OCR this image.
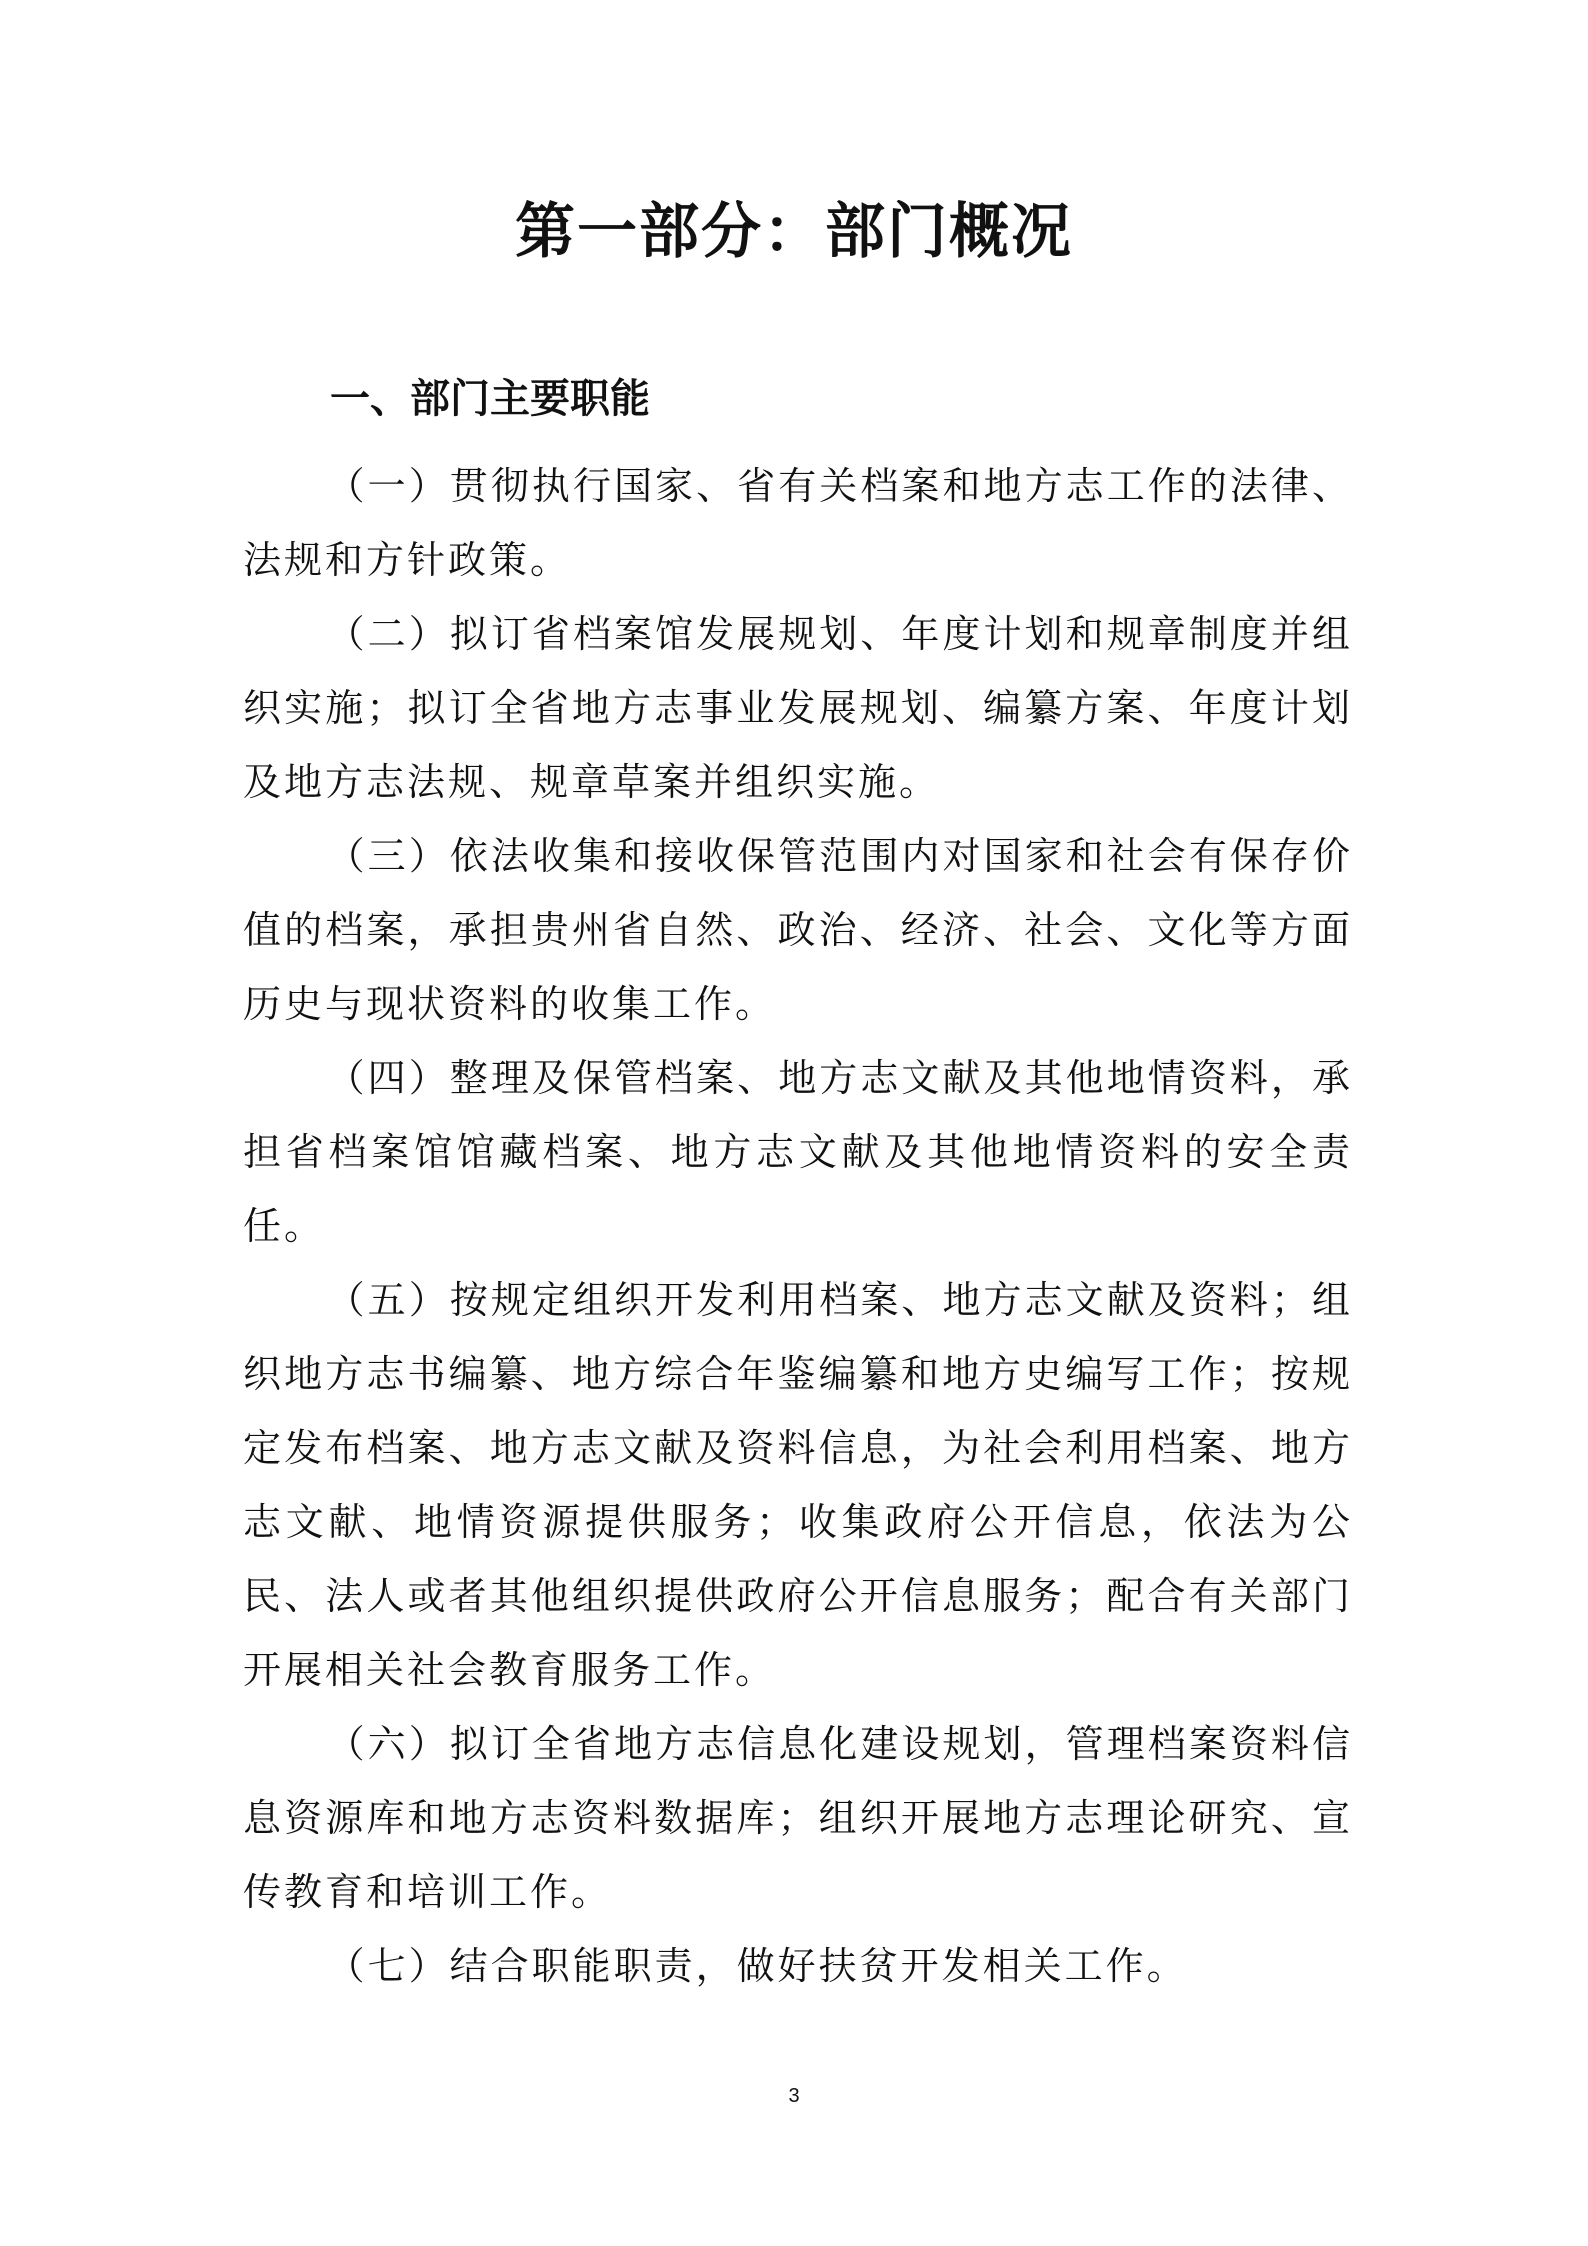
第一部分：部门概况
一、部门主要职能

（一）贯彻执行国家、省有关档案和地方志工作的法律、法规和方针政策。

（二）拟订省档案馆发展规划、年度计划和规章制度并组织实施；拟订全省地方志事业发展规划、编纂方案、年度计划及地方志法规、规章草案并组织实施。

（三）依法收集和接收保管范围内对国家和社会有保存价值的档案，承担贵州省自然、政治、经济、社会、文化等方面历史与现状资料的收集工作。

（四）整理及保管档案、地方志文献及其他地情资料，承担省档案馆馆藏档案、地方志文献及其他地情资料的安全责任。

（五）按规定组织开发利用档案、地方志文献及资料；组织地方志书编纂、地方综合年鉴编纂和地方史编写工作；按规定发布档案、地方志文献及资料信息，为社会利用档案、地方志文献、地情资源提供服务；收集政府公开信息，依法为公民、法人或者其他组织提供政府公开信息服务；配合有关部门开展相关社会教育服务工作。

（六）拟订全省地方志信息化建设规划，管理档案资料信息资源库和地方志资料数据库；组织开展地方志理论研究、宣传教育和培训工作。

（七）结合职能职责，做好扶贫开发相关工作。

3
